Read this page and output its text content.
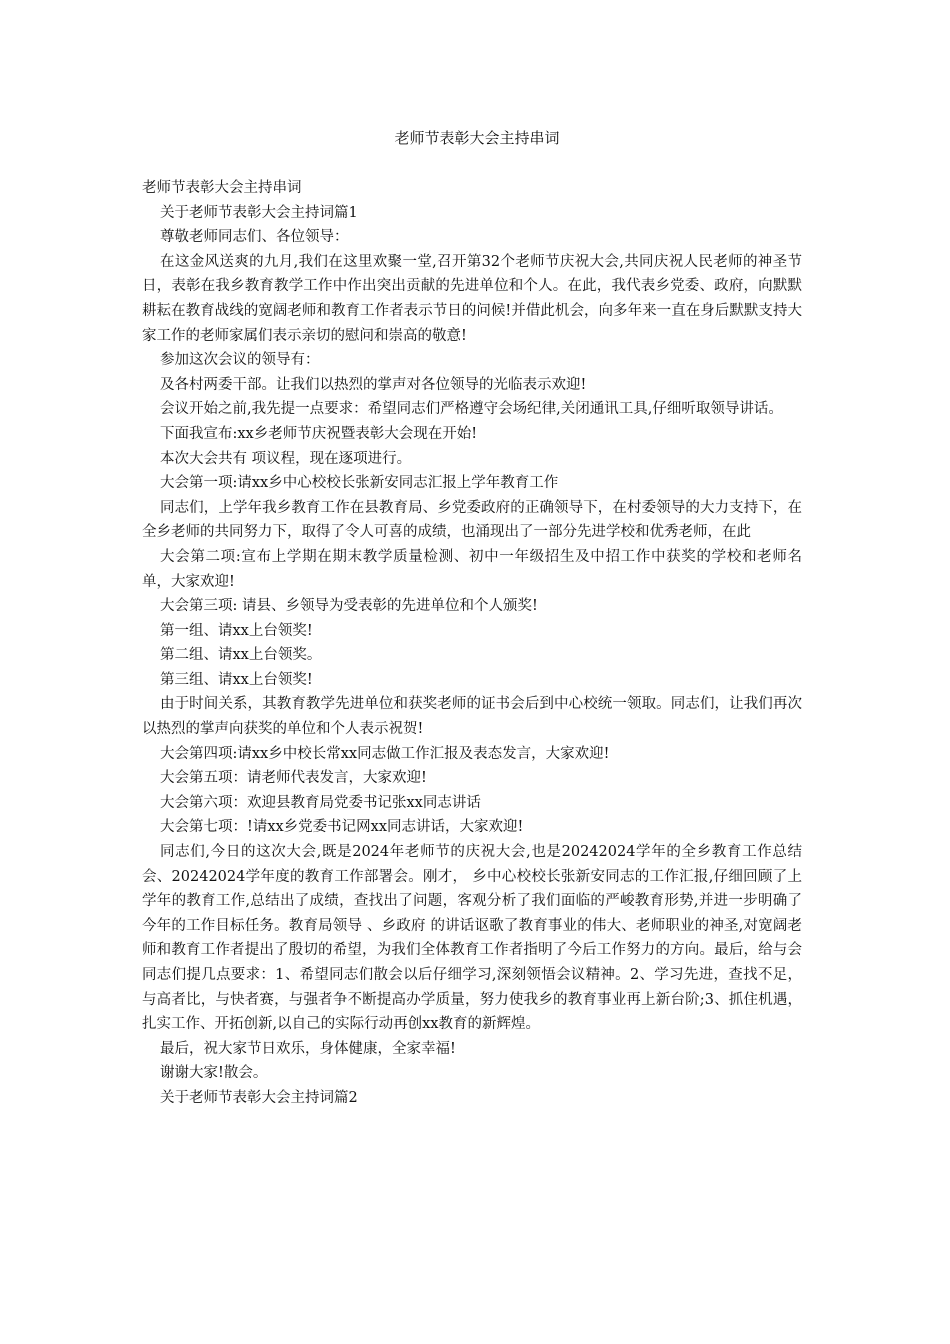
老师节表彰大会主持串词

老师节表彰大会主持串词

关于老师节表彰大会主持词篇1

尊敬老师同志们、各位领导：

在这金风送爽的九月,我们在这里欢聚一堂,召开第32个老师节庆祝大会,共同庆祝人民老师的神圣节日，表彰在我乡教育教学工作中作出突出贡献的先进单位和个人。在此，我代表乡党委、政府，向默默耕耘在教育战线的宽阔老师和教育工作者表示节日的问候!并借此机会，向多年来一直在身后默默支持大家工作的老师家属们表示亲切的慰问和崇高的敬意!

参加这次会议的领导有：

及各村两委干部。让我们以热烈的掌声对各位领导的光临表示欢迎!

会议开始之前,我先提一点要求：希望同志们严格遵守会场纪律,关闭通讯工具,仔细听取领导讲话。

下面我宣布:xx乡老师节庆祝暨表彰大会现在开始!

本次大会共有 项议程，现在逐项进行。

大会第一项:请xx乡中心校校长张新安同志汇报上学年教育工作

同志们，上学年我乡教育工作在县教育局、乡党委政府的正确领导下，在村委领导的大力支持下，在全乡老师的共同努力下，取得了令人可喜的成绩，也涌现出了一部分先进学校和优秀老师，在此

大会第二项:宣布上学期在期末教学质量检测、初中一年级招生及中招工作中获奖的学校和老师名单，大家欢迎!

大会第三项: 请县、乡领导为受表彰的先进单位和个人颁奖!

第一组、请xx上台领奖!

第二组、请xx上台领奖。

第三组、请xx上台领奖!

由于时间关系，其教育教学先进单位和获奖老师的证书会后到中心校统一领取。同志们，让我们再次以热烈的掌声向获奖的单位和个人表示祝贺!

大会第四项:请xx乡中校长常xx同志做工作汇报及表态发言，大家欢迎!

大会第五项：请老师代表发言，大家欢迎!

大会第六项：欢迎县教育局党委书记张xx同志讲话

大会第七项：!请xx乡党委书记网xx同志讲话，大家欢迎!

同志们,今日的这次大会,既是2024年老师节的庆祝大会,也是20242024学年的全乡教育工作总结会、20242024学年度的教育工作部署会。刚才， 乡中心校校长张新安同志的工作汇报,仔细回顾了上学年的教育工作,总结出了成绩，查找出了问题，客观分析了我们面临的严峻教育形势,并进一步明确了今年的工作目标任务。教育局领导 、乡政府 的讲话讴歌了教育事业的伟大、老师职业的神圣,对宽阔老师和教育工作者提出了殷切的希望，为我们全体教育工作者指明了今后工作努力的方向。最后，给与会同志们提几点要求：1、希望同志们散会以后仔细学习,深刻领悟会议精神。2、学习先进，查找不足，与高者比，与快者赛，与强者争不断提高办学质量，努力使我乡的教育事业再上新台阶;3、抓住机遇，扎实工作、开拓创新,以自己的实际行动再创xx教育的新辉煌。

最后，祝大家节日欢乐，身体健康，全家幸福!

谢谢大家!散会。

关于老师节表彰大会主持词篇2
